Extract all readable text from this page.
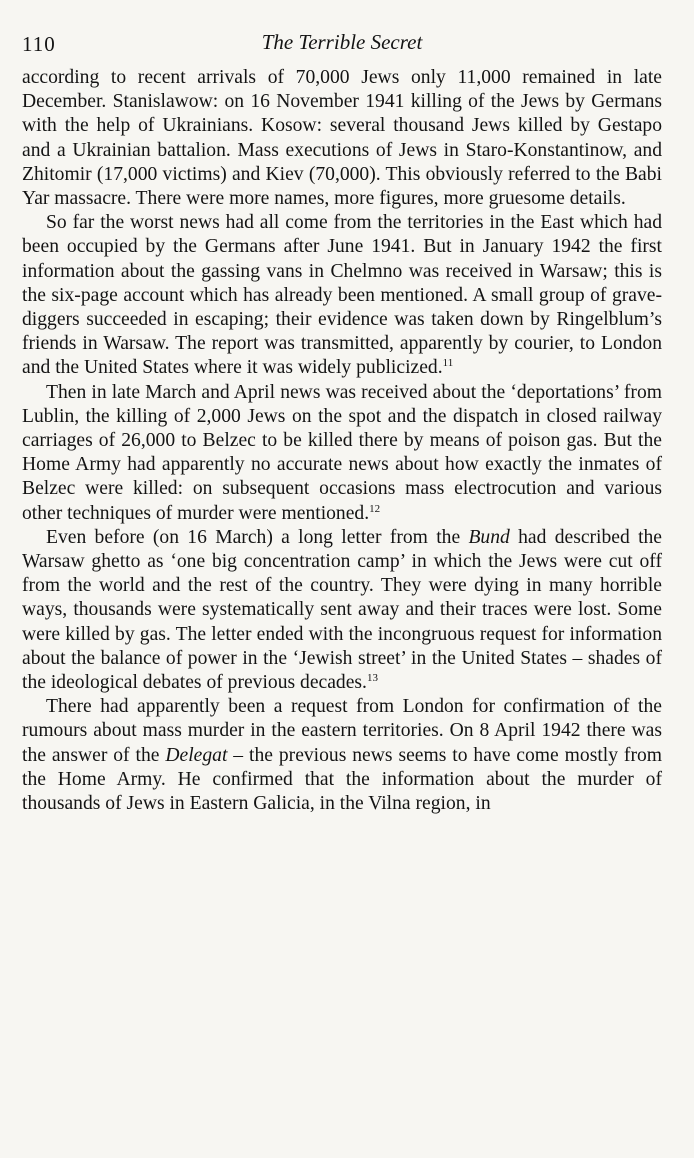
110	The Terrible Secret

according to recent arrivals of 70,000 Jews only 11,000 remained in late December. Stanislawow: on 16 November 1941 killing of the Jews by Germans with the help of Ukrainians. Kosow: several thousand Jews killed by Gestapo and a Ukrainian battalion. Mass executions of Jews in Staro-Konstantinow, and Zhitomir (17,000 victims) and Kiev (70,000). This obviously referred to the Babi Yar massacre. There were more names, more figures, more gruesome details.

So far the worst news had all come from the territories in the East which had been occupied by the Germans after June 1941. But in January 1942 the first information about the gassing vans in Chelmno was received in Warsaw; this is the six-page account which has already been mentioned. A small group of grave-diggers succeeded in escaping; their evidence was taken down by Ringelblum’s friends in Warsaw. The report was transmitted, apparently by courier, to London and the United States where it was widely publicized.$^{11}$

Then in late March and April news was received about the ‘deportations’ from Lublin, the killing of 2,000 Jews on the spot and the dispatch in closed railway carriages of 26,000 to Belzec to be killed there by means of poison gas. But the Home Army had apparently no accurate news about how exactly the inmates of Belzec were killed: on subsequent occasions mass electrocution and various other techniques of murder were mentioned.$^{12}$

Even before (on 16 March) a long letter from the Bund had described the Warsaw ghetto as ‘one big concentration camp’ in which the Jews were cut off from the world and the rest of the country. They were dying in many horrible ways, thousands were systematically sent away and their traces were lost. Some were killed by gas. The letter ended with the incongruous request for information about the balance of power in the ‘Jewish street’ in the United States – shades of the ideological debates of previous decades.$^{13}$

There had apparently been a request from London for confirmation of the rumours about mass murder in the eastern territories. On 8 April 1942 there was the answer of the Delegat – the previous news seems to have come mostly from the Home Army. He confirmed that the information about the murder of thousands of Jews in Eastern Galicia, in the Vilna region, in
